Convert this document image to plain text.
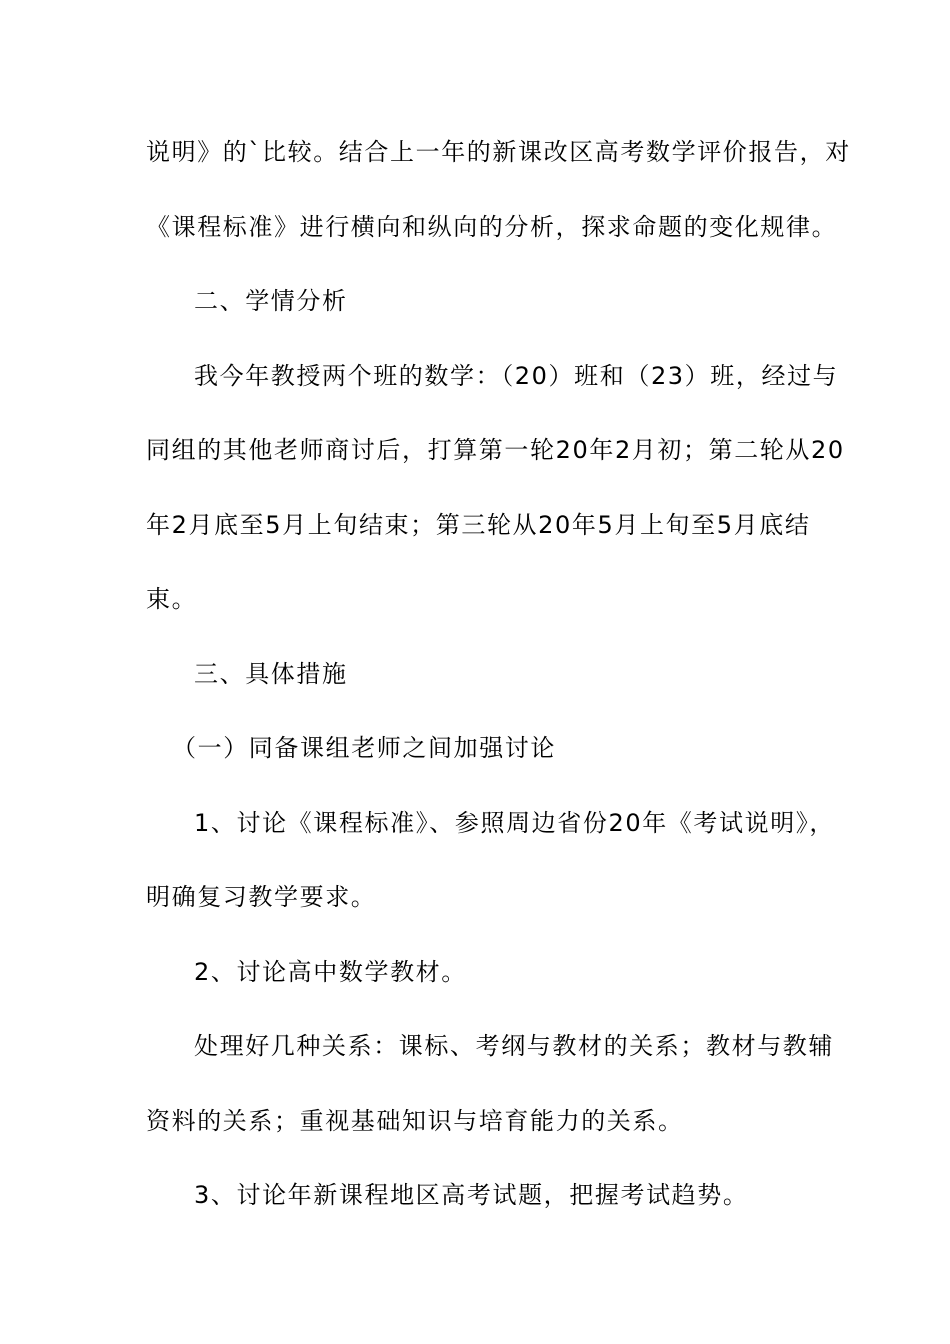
说明》的`比较。结合上一年的新课改区高考数学评价报告，对
《课程标准》进行横向和纵向的分析，探求命题的变化规律。
二、学情分析
我今年教授两个班的数学：（20）班和（23）班，经过与
同组的其他老师商讨后，打算第一轮20年2月初；第二轮从20
年2月底至5月上旬结束；第三轮从20年5月上旬至5月底结
束。
三、具体措施
（一）同备课组老师之间加强讨论
1、讨论《课程标准》、参照周边省份20年《考试说明》，
明确复习教学要求。
2、讨论高中数学教材。
处理好几种关系：课标、考纲与教材的关系；教材与教辅
资料的关系；重视基础知识与培育能力的关系。
3、讨论年新课程地区高考试题，把握考试趋势。
